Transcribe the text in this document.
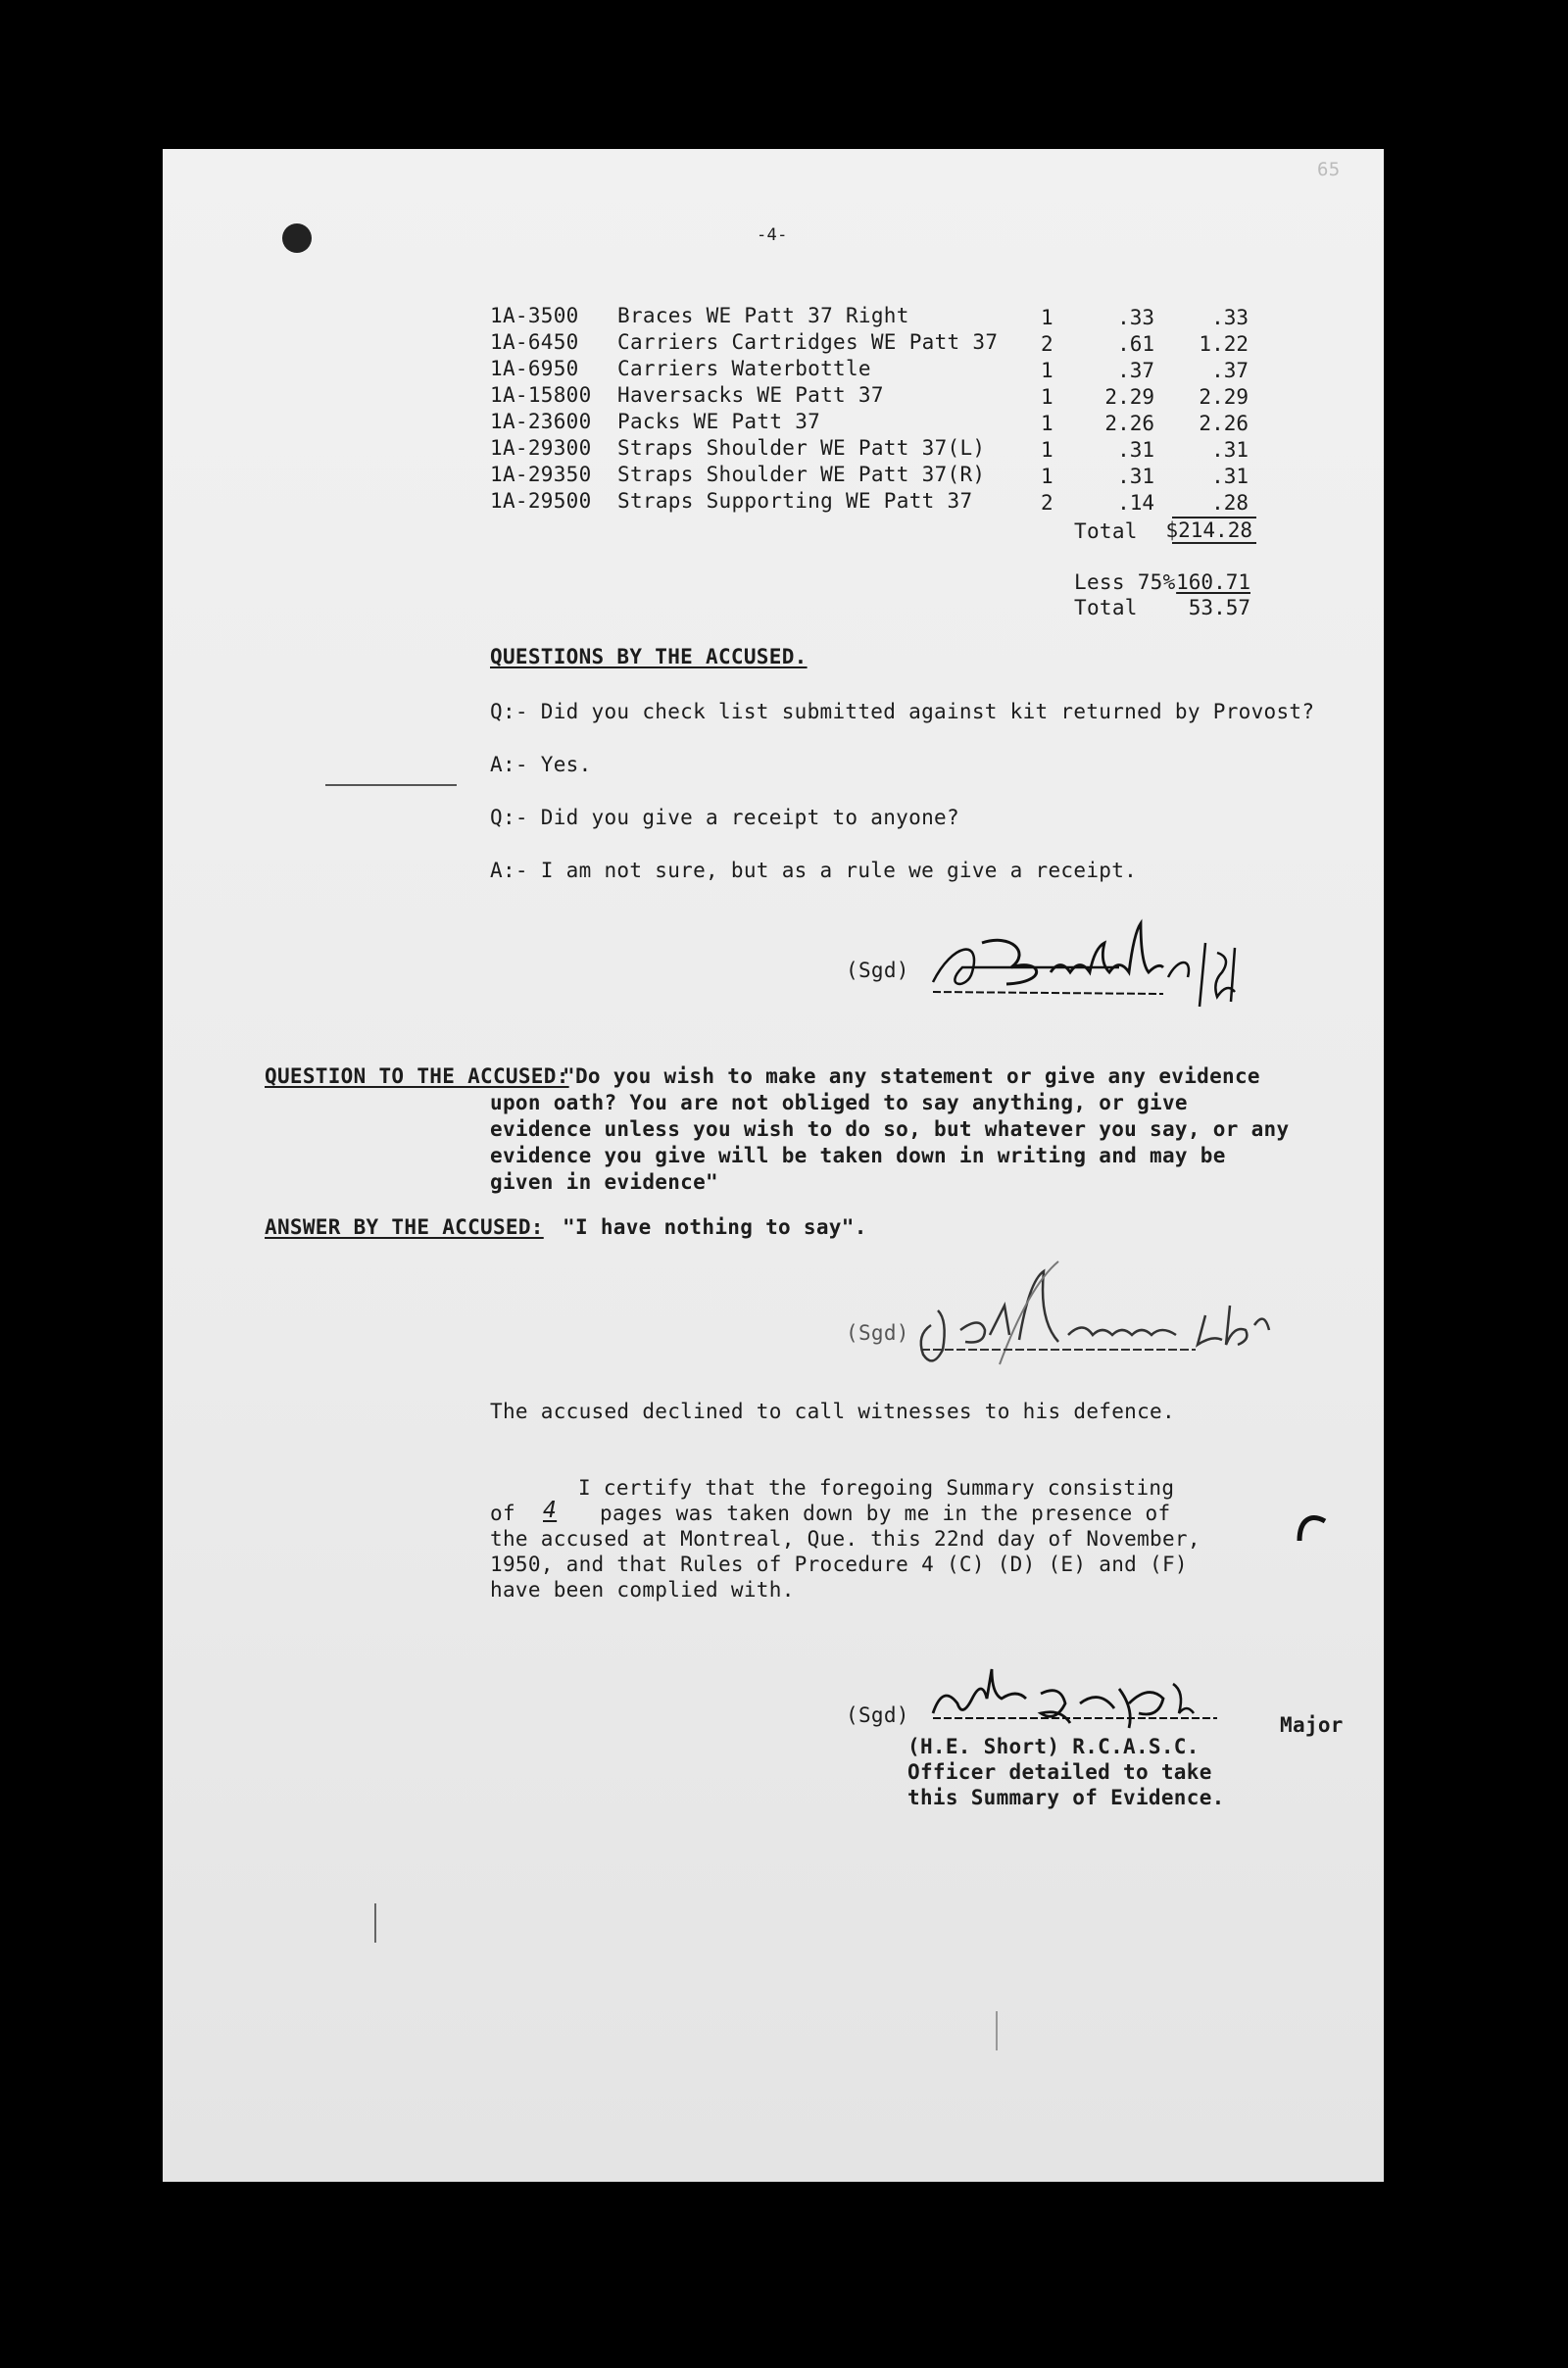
65
-4-
1A-3500 Braces WE Patt 37 Right	1	.33	.33
1A-6450 Carriers Cartridges WE Patt 37 2	.61	1.22
1A-6950 Carriers Waterbottle	1	.37	.37
1A-15800 Haversacks WE Patt 37	1	2.29	2.29
1A-23600 Packs WE Patt 37	1	2.26	2.26
1A-29300 Straps Shoulder WE Patt 37(L)	1	.31	.31
1A-29350 Straps Shoulder WE Patt 37(R)	1	.31	.31
1A-29500 Straps Supporting WE Patt 37	2	.14	.28
Total	$214.28
Less 75% 160.71
Total	53.57
QUESTIONS BY THE ACCUSED.
Q:- Did you check list submitted against kit returned by Provost?
A:- Yes.
Q:- Did you give a receipt to anyone?
A:- I am not sure, but as a rule we give a receipt.
(Sgd)
QUESTION TO THE ACCUSED:
"Do you wish to make any statement or give any evidence
upon oath? You are not obliged to say anything, or give
evidence unless you wish to do so, but whatever you say, or any
evidence you give will be taken down in writing and may be
given in evidence"
ANSWER BY THE ACCUSED: "I have nothing to say".
(Sgd)
The accused declined to call witnesses to his defence.
I certify that the foregoing Summary consisting
of	4	pages was taken down by me in the presence of
the accused at Montreal, Que. this 22nd day of November,
1950, and that Rules of Procedure 4 (C) (D) (E) and (F)
have been complied with.
(Sgd)	Major
(H.E. Short) R.C.A.S.C.
Officer detailed to take
this Summary of Evidence.
